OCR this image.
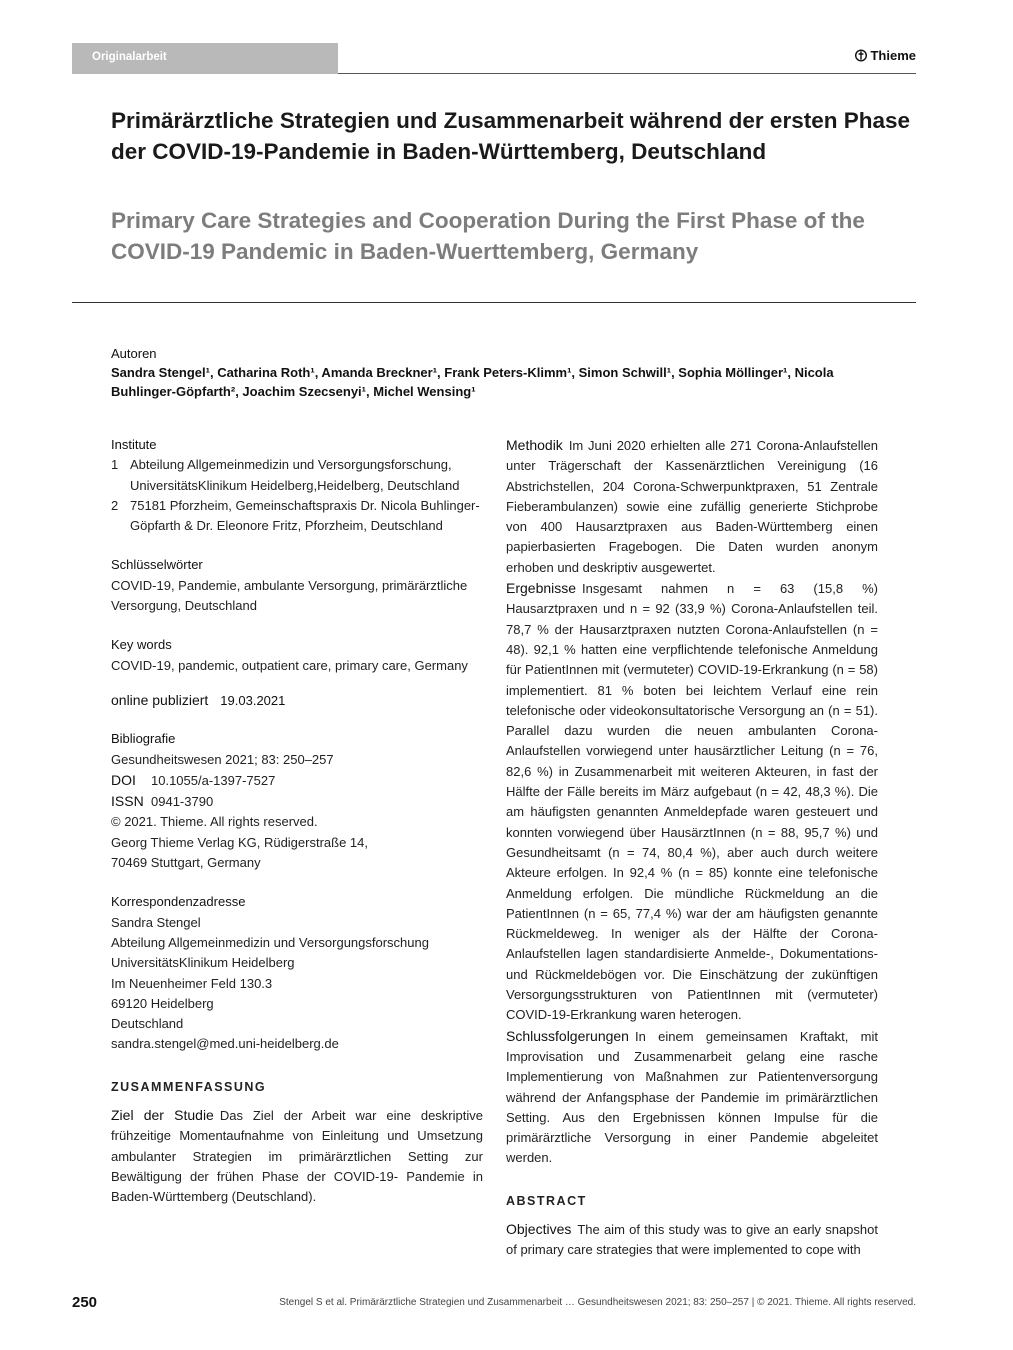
Originalarbeit	Thieme
Primärärztliche Strategien und Zusammenarbeit während der ersten Phase der COVID-19-Pandemie in Baden-Württemberg, Deutschland
Primary Care Strategies and Cooperation During the First Phase of the COVID-19 Pandemic in Baden-Wuerttemberg, Germany
Autoren
Sandra Stengel¹, Catharina Roth¹, Amanda Breckner¹, Frank Peters-Klimm¹, Simon Schwill¹, Sophia Möllinger¹, Nicola Buhlinger-Göpfarth², Joachim Szecsenyi¹, Michel Wensing¹
Institute
1 Abteilung Allgemeinmedizin und Versorgungsforschung, UniversitätsKlinikum Heidelberg,Heidelberg, Deutschland
2 75181 Pforzheim, Gemeinschaftspraxis Dr. Nicola Buhlinger-Göpfarth & Dr. Eleonore Fritz, Pforzheim, Deutschland
Schlüsselwörter
COVID-19, Pandemie, ambulante Versorgung, primärärztliche Versorgung, Deutschland
Key words
COVID-19, pandemic, outpatient care, primary care, Germany
online publiziert 19.03.2021
Bibliografie
Gesundheitswesen 2021; 83: 250–257
DOI 10.1055/a-1397-7527
ISSN 0941-3790
© 2021. Thieme. All rights reserved.
Georg Thieme Verlag KG, Rüdigerstraße 14,
70469 Stuttgart, Germany
Korrespondenzadresse
Sandra Stengel
Abteilung Allgemeinmedizin und Versorgungsforschung
UniversitätsKlinikum Heidelberg
Im Neuenheimer Feld 130.3
69120 Heidelberg
Deutschland
sandra.stengel@med.uni-heidelberg.de
ZUSAMMENFASSUNG
Ziel der Studie Das Ziel der Arbeit war eine deskriptive frühzeitige Momentaufnahme von Einleitung und Umsetzung ambulanter Strategien im primärärztlichen Setting zur Bewältigung der frühen Phase der COVID-19- Pandemie in Baden-Württemberg (Deutschland).
Methodik Im Juni 2020 erhielten alle 271 Corona-Anlaufstellen unter Trägerschaft der Kassenärztlichen Vereinigung (16 Abstrichstellen, 204 Corona-Schwerpunktpraxen, 51 Zentrale Fieberambulanzen) sowie eine zufällig generierte Stichprobe von 400 Hausarztpraxen aus Baden-Württemberg einen papierbasierten Fragebogen. Die Daten wurden anonym erhoben und deskriptiv ausgewertet.
Ergebnisse Insgesamt nahmen n = 63 (15,8 %) Hausarztpraxen und n = 92 (33,9 %) Corona-Anlaufstellen teil. 78,7 % der Hausarztpraxen nutzten Corona-Anlaufstellen (n = 48). 92,1 % hatten eine verpflichtende telefonische Anmeldung für PatientInnen mit (vermuteter) COVID-19-Erkrankung (n = 58) implementiert. 81 % boten bei leichtem Verlauf eine rein telefonische oder videokonsultatorische Versorgung an (n = 51). Parallel dazu wurden die neuen ambulanten Corona-Anlaufstellen vorwiegend unter hausärztlicher Leitung (n = 76, 82,6 %) in Zusammenarbeit mit weiteren Akteuren, in fast der Hälfte der Fälle bereits im März aufgebaut (n = 42, 48,3 %). Die am häufigsten genannten Anmeldepfade waren gesteuert und konnten vorwiegend über HausärztInnen (n = 88, 95,7 %) und Gesundheitsamt (n = 74, 80,4 %), aber auch durch weitere Akteure erfolgen. In 92,4 % (n = 85) konnte eine telefonische Anmeldung erfolgen. Die mündliche Rückmeldung an die PatientInnen (n = 65, 77,4 %) war der am häufigsten genannte Rückmeldeweg. In weniger als der Hälfte der Corona-Anlaufstellen lagen standardisierte Anmelde-, Dokumentations- und Rückmeldebögen vor. Die Einschätzung der zukünftigen Versorgungsstrukturen von PatientInnen mit (vermuteter) COVID-19-Erkrankung waren heterogen.
Schlussfolgerungen In einem gemeinsamen Kraftakt, mit Improvisation und Zusammenarbeit gelang eine rasche Implementierung von Maßnahmen zur Patientenversorgung während der Anfangsphase der Pandemie im primärärztlichen Setting. Aus den Ergebnissen können Impulse für die primärärztliche Versorgung in einer Pandemie abgeleitet werden.
ABSTRACT
Objectives The aim of this study was to give an early snapshot of primary care strategies that were implemented to cope with
250	Stengel S et al. Primärärztliche Strategien und Zusammenarbeit … Gesundheitswesen 2021; 83: 250–257 | © 2021. Thieme. All rights reserved.
